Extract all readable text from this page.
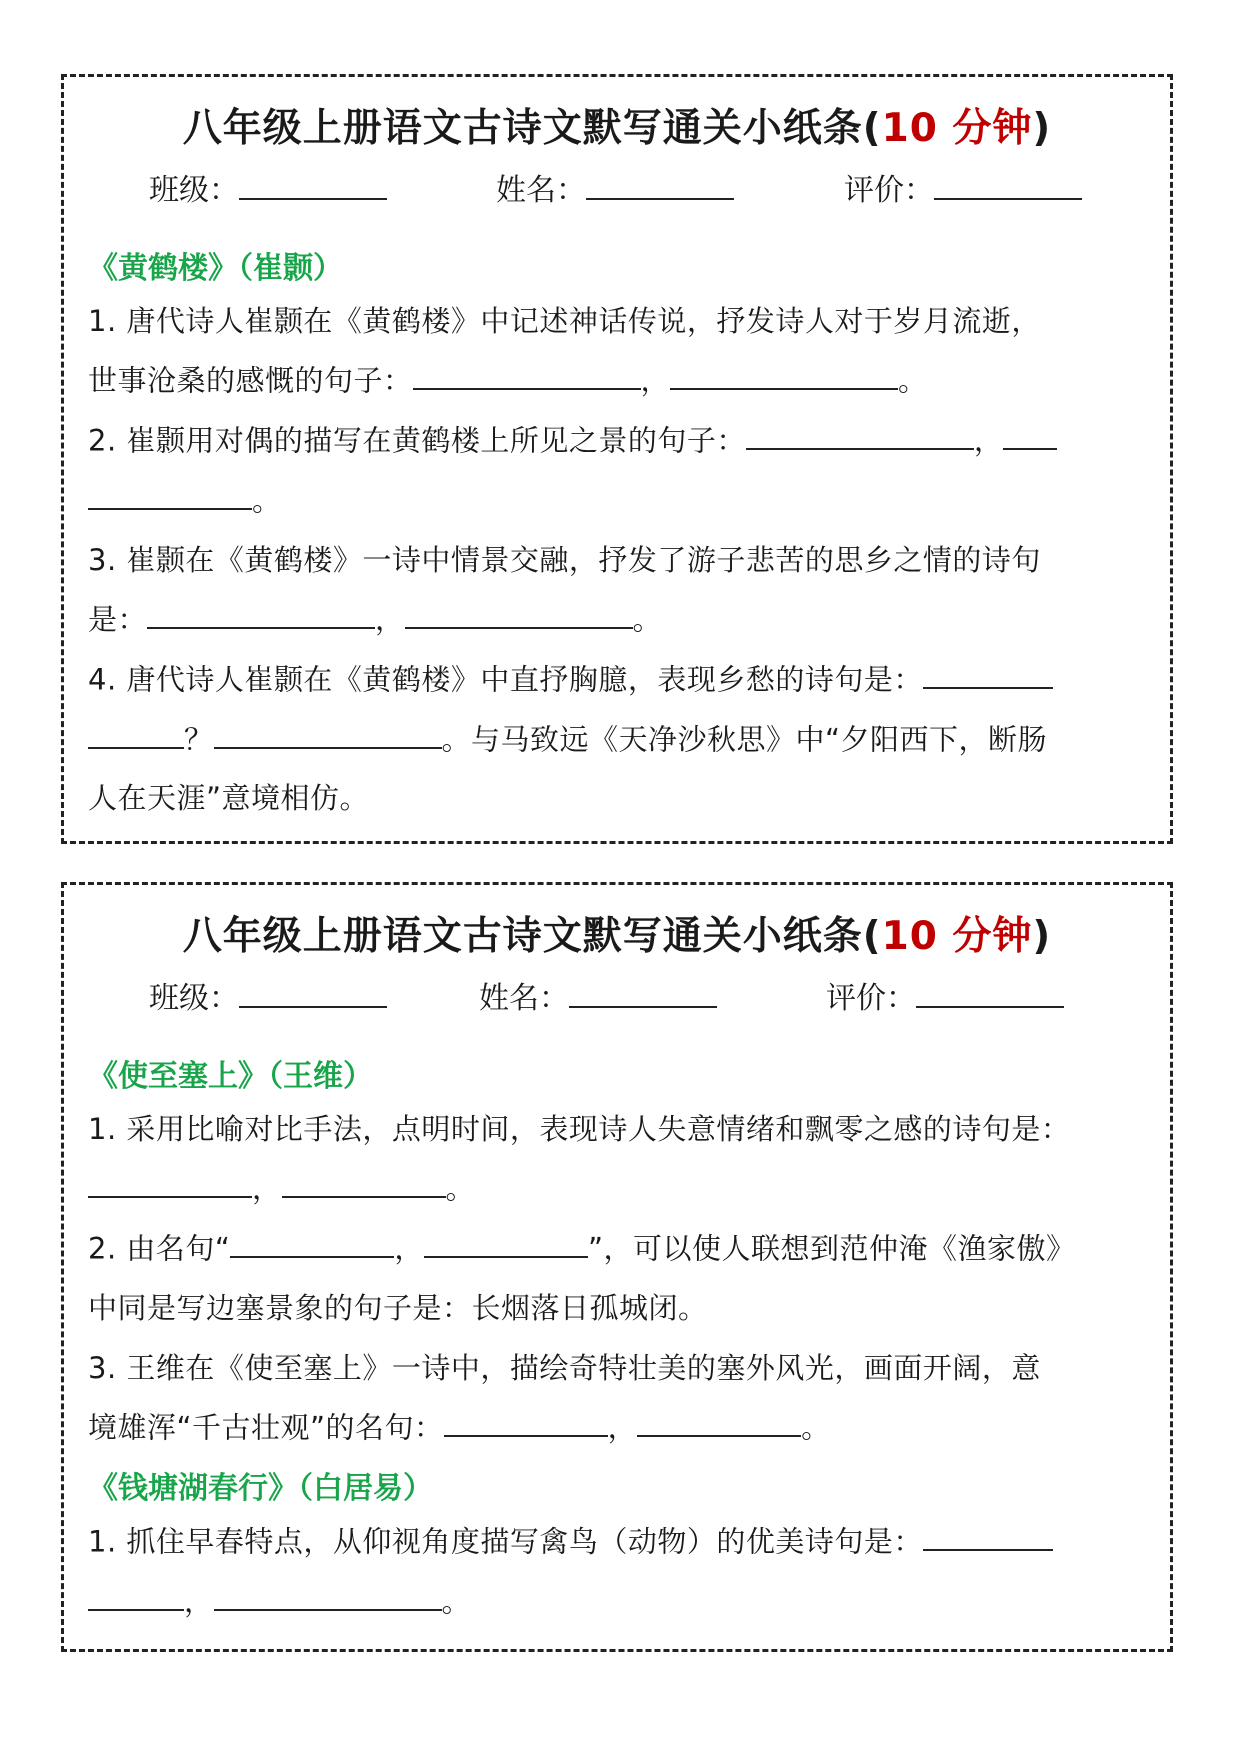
八年级上册语文古诗文默写通关小纸条(10 分钟)
班级：	姓名：	评价：
《黄鹤楼》（崔颢）
1. 唐代诗人崔颢在《黄鹤楼》中记述神话传说，抒发诗人对于岁月流逝，
世事沧桑的感慨的句子：	，	。
2. 崔颢用对偶的描写在黄鹤楼上所见之景的句子：	，
。
3. 崔颢在《黄鹤楼》一诗中情景交融，抒发了游子悲苦的思乡之情的诗句
是：	，	。
4. 唐代诗人崔颢在《黄鹤楼》中直抒胸臆，表现乡愁的诗句是：
？	。与马致远《天净沙秋思》中“夕阳西下，断肠
人在天涯”意境相仿。
八年级上册语文古诗文默写通关小纸条(10 分钟)
班级：	姓名：	评价：
《使至塞上》（王维）
1. 采用比喻对比手法，点明时间，表现诗人失意情绪和飘零之感的诗句是：
，	。
2. 由名句“	，	”，可以使人联想到范仲淹《渔家傲》
中同是写边塞景象的句子是：长烟落日孤城闭。
3. 王维在《使至塞上》一诗中，描绘奇特壮美的塞外风光，画面开阔，意
境雄浑“千古壮观”的名句：	，	。
《钱塘湖春行》（白居易）
1. 抓住早春特点，从仰视角度描写禽鸟（动物）的优美诗句是：
，	。
